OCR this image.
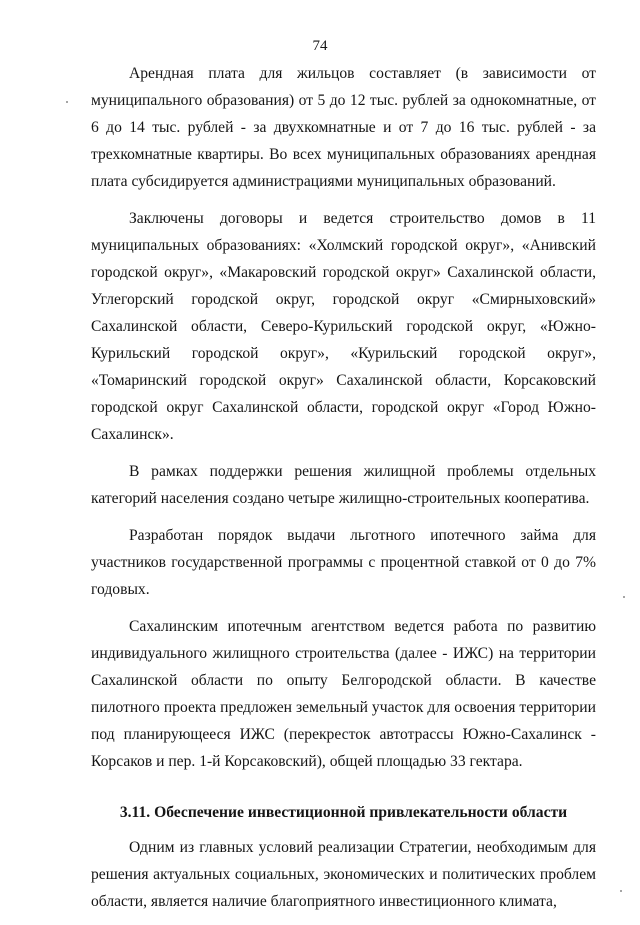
74

Арендная плата для жильцов составляет (в зависимости от муниципального образования) от 5 до 12 тыс. рублей за однокомнатные, от 6 до 14 тыс. рублей - за двухкомнатные и от 7 до 16 тыс. рублей - за трехкомнатные квартиры. Во всех муниципальных образованиях арендная плата субсидируется администрациями муниципальных образований.

Заключены договоры и ведется строительство домов в 11 муниципальных образованиях: «Холмский городской округ», «Анивский городской округ», «Макаровский городской округ» Сахалинской области, Углегорский городской округ, городской округ «Смирныховский» Сахалинской области, Северо-Курильский городской округ, «Южно-Курильский городской округ», «Курильский городской округ», «Томаринский городской округ» Сахалинской области, Корсаковский городской округ Сахалинской области, городской округ «Город Южно-Сахалинск».

В рамках поддержки решения жилищной проблемы отдельных категорий населения создано четыре жилищно-строительных кооператива.

Разработан порядок выдачи льготного ипотечного займа для участников государственной программы с процентной ставкой от 0 до 7% годовых.

Сахалинским ипотечным агентством ведется работа по развитию индивидуального жилищного строительства (далее - ИЖС) на территории Сахалинской области по опыту Белгородской области. В качестве пилотного проекта предложен земельный участок для освоения территории под планирующееся ИЖС (перекресток автотрассы Южно-Сахалинск - Корсаков и пер. 1-й Корсаковский), общей площадью 33 гектара.

3.11. Обеспечение инвестиционной привлекательности области

Одним из главных условий реализации Стратегии, необходимым для решения актуальных социальных, экономических и политических проблем области, является наличие благоприятного инвестиционного климата,
